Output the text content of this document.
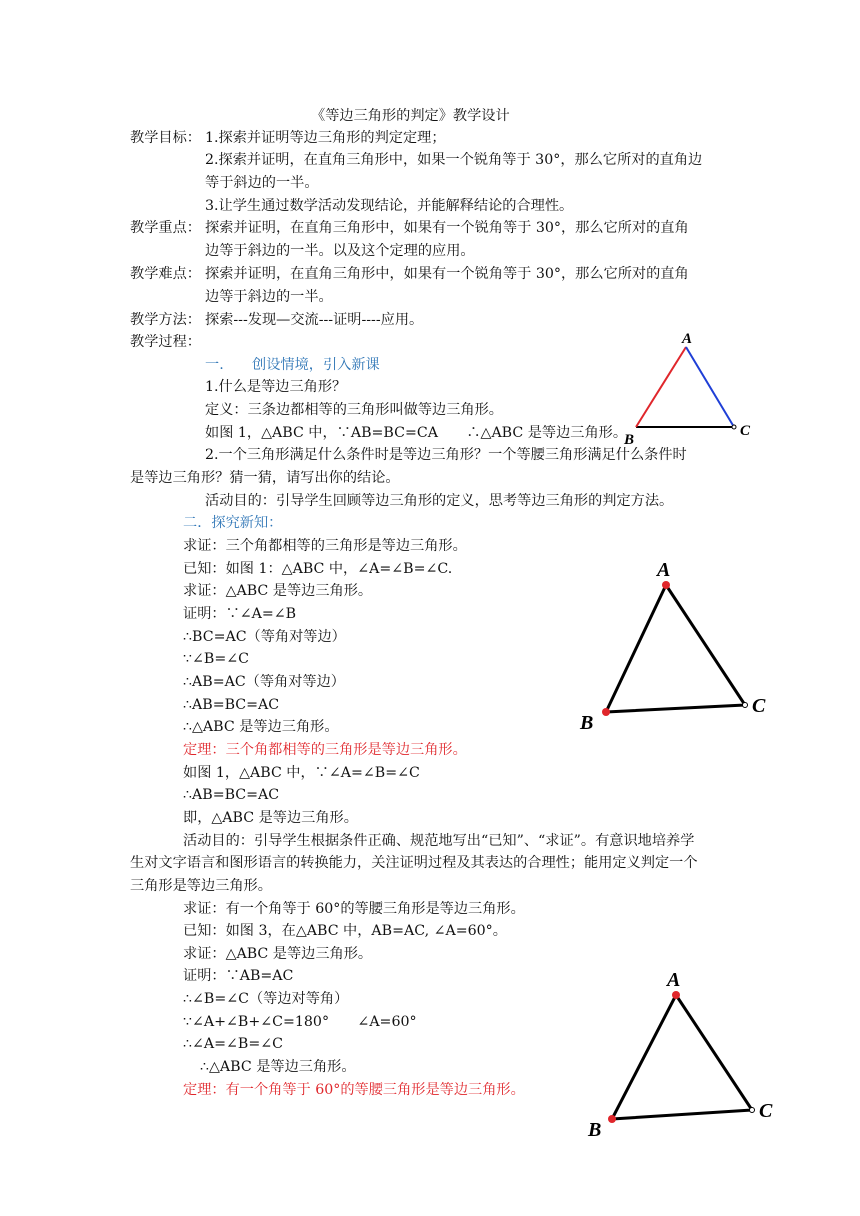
《等边三角形的判定》教学设计
教学目标： 1.探索并证明等边三角形的判定定理；
2.探索并证明，在直角三角形中，如果一个锐角等于 30°，那么它所对的直角边
等于斜边的一半。
3.让学生通过数学活动发现结论，并能解释结论的合理性。
教学重点： 探索并证明，在直角三角形中，如果有一个锐角等于 30°，那么它所对的直角
边等于斜边的一半。以及这个定理的应用。
教学难点： 探索并证明，在直角三角形中，如果有一个锐角等于 30°，那么它所对的直角
边等于斜边的一半。
教学方法： 探索---发现—交流---证明----应用。
教学过程：
一. 创设情境，引入新课
1.什么是等边三角形？
定义：三条边都相等的三角形叫做等边三角形。
如图 1，△ABC 中，∵AB=BC=CA　　∴△ABC 是等边三角形。
2.一个三角形满足什么条件时是等边三角形？一个等腰三角形满足什么条件时
是等边三角形？猜一猜，请写出你的结论。
活动目的：引导学生回顾等边三角形的定义，思考等边三角形的判定方法。
二．探究新知：
求证：三个角都相等的三角形是等边三角形。
已知：如图 1：△ABC 中，∠A=∠B=∠C.
求证：△ABC 是等边三角形。
证明：∵∠A=∠B
∴BC=AC（等角对等边）
∵∠B=∠C
∴AB=AC（等角对等边）
∴AB=BC=AC
∴△ABC 是等边三角形。
定理：三个角都相等的三角形是等边三角形。
如图 1，△ABC 中，∵∠A=∠B=∠C
∴AB=BC=AC
即，△ABC 是等边三角形。
活动目的：引导学生根据条件正确、规范地写出“已知”、“求证”。有意识地培养学
生对文字语言和图形语言的转换能力，关注证明过程及其表达的合理性；能用定义判定一个
三角形是等边三角形。
求证：有一个角等于 60°的等腰三角形是等边三角形。
已知：如图 3，在△ABC 中，AB=AC, ∠A=60°。
求证：△ABC 是等边三角形。
证明：∵AB=AC
∴∠B=∠C（等边对等角）
∵∠A+∠B+∠C=180°　　∠A=60°
∴∠A=∠B=∠C
∴△ABC 是等边三角形。
定理：有一个角等于 60°的等腰三角形是等边三角形。
A
B
C
A
B
C
A
B
C
